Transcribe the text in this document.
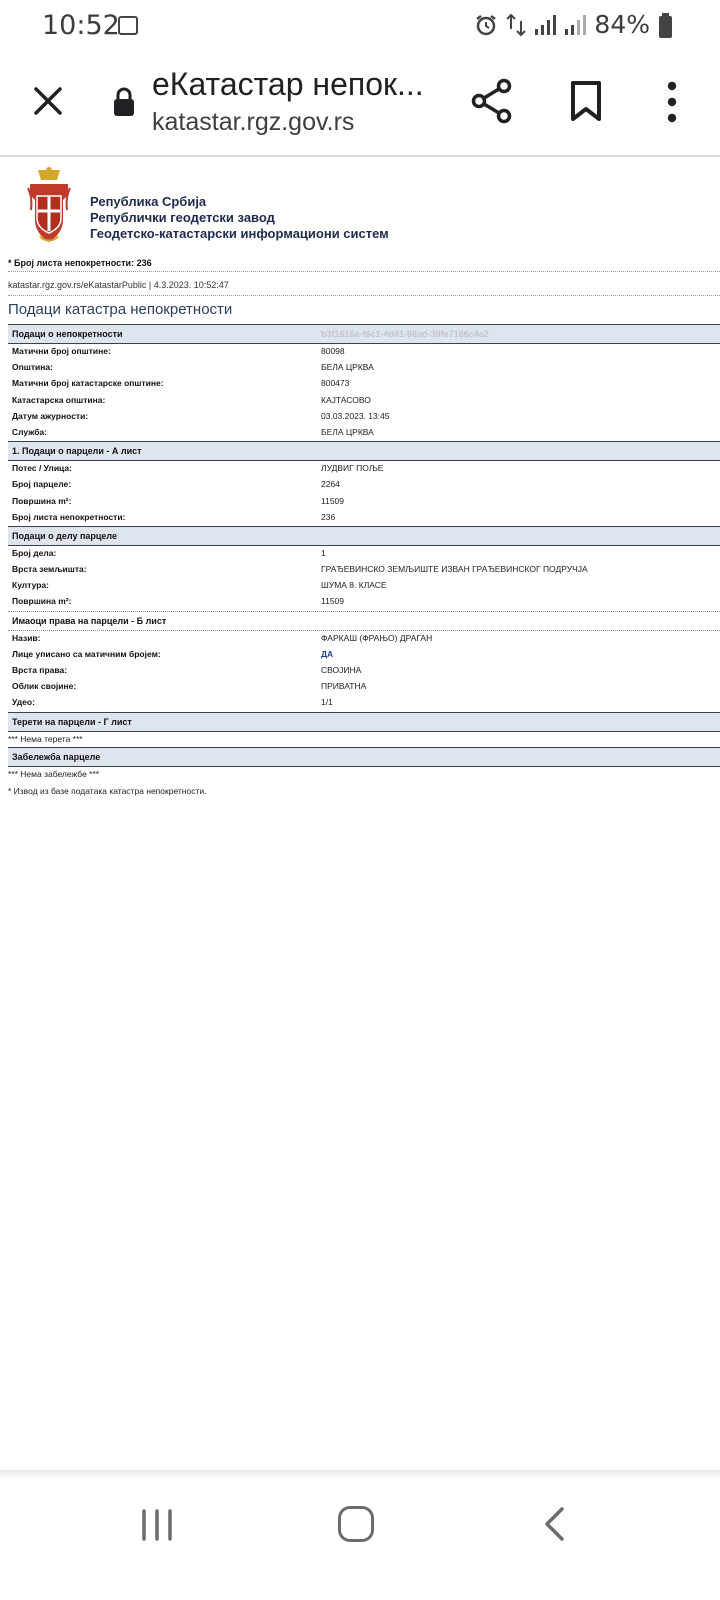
10:52	84%
еКатастар непок...
katastar.rgz.gov.rs
Република Србија
Републички геодетски завод
Геодетско-катастарски информациони систем
* Број листа непокретности: 236
katastar.rgz.gov.rs/eKatastarPublic | 4.3.2023. 10:52:47
Подаци катастра непокретности
Подаци о непокретности	b3f1616a-f6c1-4d41-86ad-39fe7166c4e2
Матични број општине:	80098
Општина:	БЕЛА ЦРКВА
Матични број катастарске општине:	800473
Катастарска општина:	КАЈТАСОВО
Датум ажурности:	03.03.2023. 13:45
Служба:	БЕЛА ЦРКВА
1. Подаци о парцели - А лист
Потес / Улица:	ЛУДВИГ ПОЉЕ
Број парцеле:	2264
Површина m²:	11509
Број листа непокретности:	236
Подаци о делу парцеле
Број дела:	1
Врста земљишта:	ГРАЂЕВИНСКО ЗЕМЉИШТЕ ИЗВАН ГРАЂЕВИНСКОГ ПОДРУЧЈА
Култура:	ШУМА 8. КЛАСЕ
Површина m²:	11509
Имаоци права на парцели - Б лист
Назив:	ФАРКАШ (ФРАЊО) ДРАГАН
Лице уписано са матичним бројем:	ДА
Врста права:	СВОЈИНА
Облик својине:	ПРИВАТНА
Удео:	1/1
Терети на парцели - Г лист
*** Нема терета ***
Забележба парцеле
*** Нема забележбе ***
* Извод из базе података катастра непокретности.
